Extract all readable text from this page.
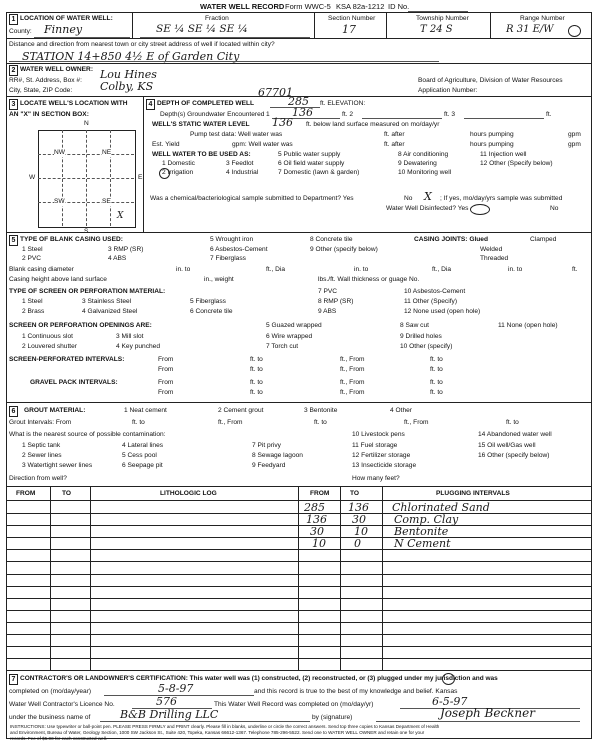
WATER WELL RECORD Form WWC-5 KSA 82a-1212 ID No.
1 LOCATION OF WATER WELL:
County: Finney
Fraction
SE ¼ SE ¼ SE ¼
Section Number
17
Township Number
T 24 S
Range Number
R 31 E/W
Distance and direction from nearest town or city street address of well if located within city?
STATION 14+850 4½ E of Garden City
2 WATER WELL OWNER:
RR#, St. Address, Box #: Lou Hines
City, State, ZIP Code:	Colby, KS	67701
Board of Agriculture, Division of Water Resources
Application Number:
3 LOCATE WELL'S LOCATION WITH
AN "X" IN SECTION BOX:
N
S
W	E
NW	NE
SW	SE
X
4 DEPTH OF COMPLETED WELL	285 ft. ELEVATION:
Depth(s) Groundwater Encountered 1 136	ft. 2	ft. 3	ft.
WELL'S STATIC WATER LEVEL 136 ft. below land surface measured on mo/day/yr
Pump test data: Well water was	ft. after	hours pumping	gpm
Est. Yield	gpm: Well water was	ft. after	hours pumping	gpm
WELL WATER TO BE USED AS:
1 Domestic
2 Irrigation
3 Feedlot
4 Industrial
5 Public water supply
6 Oil field water supply
7 Domestic (lawn & garden)
8 Air conditioning
9 Dewatering
10 Monitoring well
11 Injection well
12 Other (Specify below)
Was a chemical/bacteriological sample submitted to Department? Yes	No X ; If yes, mo/day/yrs sample was submitted
Water Well Disinfected? Yes	No
5 TYPE OF BLANK CASING USED:
1 Steel
2 PVC
3 RMP (SR)
4 ABS
5 Wrought iron
6 Asbestos-Cement
7 Fiberglass
8 Concrete tile
9 Other (specify below)
CASING JOINTS: Glued	Clamped
Welded
Threaded
Blank casing diameter	in. to	ft., Dia	in. to	ft., Dia	in. to	ft.
Casing height above land surface	in., weight	lbs./ft. Wall thickness or guage No.
TYPE OF SCREEN OR PERFORATION MATERIAL:
1 Steel
2 Brass
3 Stainless Steel
4 Galvanized Steel
5 Fiberglass
6 Concrete tile
7 PVC
8 RMP (SR)
9 ABS
10 Asbestos-Cement
11 Other (Specify)
12 None used (open hole)
SCREEN OR PERFORATION OPENINGS ARE:
1 Continuous slot
2 Louvered shutter
3 Mill slot
4 Key punched
5 Guazed wrapped
6 Wire wrapped
7 Torch cut
8 Saw cut
9 Drilled holes
10 Other (specify)
11 None (open hole)
SCREEN-PERFORATED INTERVALS:	From	ft. to	ft., From	ft. to
From	ft. to	ft., From	ft. to
GRAVEL PACK INTERVALS:	From	ft. to	ft., From	ft. to
From	ft. to	ft., From	ft. to
6	GROUT MATERIAL:	1 Neat cement	2 Cement grout	3 Bentonite	4 Other
Grout Intervals: From	ft. to	ft., From	ft. to	ft., From	ft. to
What is the nearest source of possible contamination:
1 Septic tank
2 Sewer lines
3 Watertight sewer lines
4 Lateral lines
5 Cess pool
6 Seepage pit
7 Pit privy
8 Sewage lagoon
9 Feedyard
10 Livestock pens
11 Fuel storage
12 Fertilizer storage
13 Insecticide storage
14 Abandoned water well
15 Oil well/Gas well
16 Other (specify below)
Direction from well?	How many feet?
FROM	TO	LITHOLOGIC LOG	FROM	TO	PLUGGING INTERVALS
285 136 Chlorinated Sand
136 30	Comp. Clay
30	10 Bentonite
10	0	N Cement
7 CONTRACTOR'S OR LANDOWNER'S CERTIFICATION: This water well was (1) constructed, (2) reconstructed, or (3) plugged under my jurisdiction and was
completed on (mo/day/year)	5-8-97	and this record is true to the best of my knowledge and belief. Kansas
Water Well Contractor's Licence No.	576	This Water Well Record was completed on (mo/day/yr)	6-5-97
under the business name of	B&B Drilling LLC	by (signature)	Joseph Beckner
INSTRUCTIONS: Use typewriter or ball-point pen. PLEASE PRESS FIRMLY and PRINT clearly. Please fill in blanks, underline or circle the correct answers. Send top three copies to Kansas Department of Health
and Environment, Bureau of Water, Geology Section, 1000 SW Jackson St., Suite 420, Topeka, Kansas 66612-1367. Telephone 785-296-5522. Send one to WATER WELL OWNER and retain one for your
records. Fee of $5.00 for each constructed well.
